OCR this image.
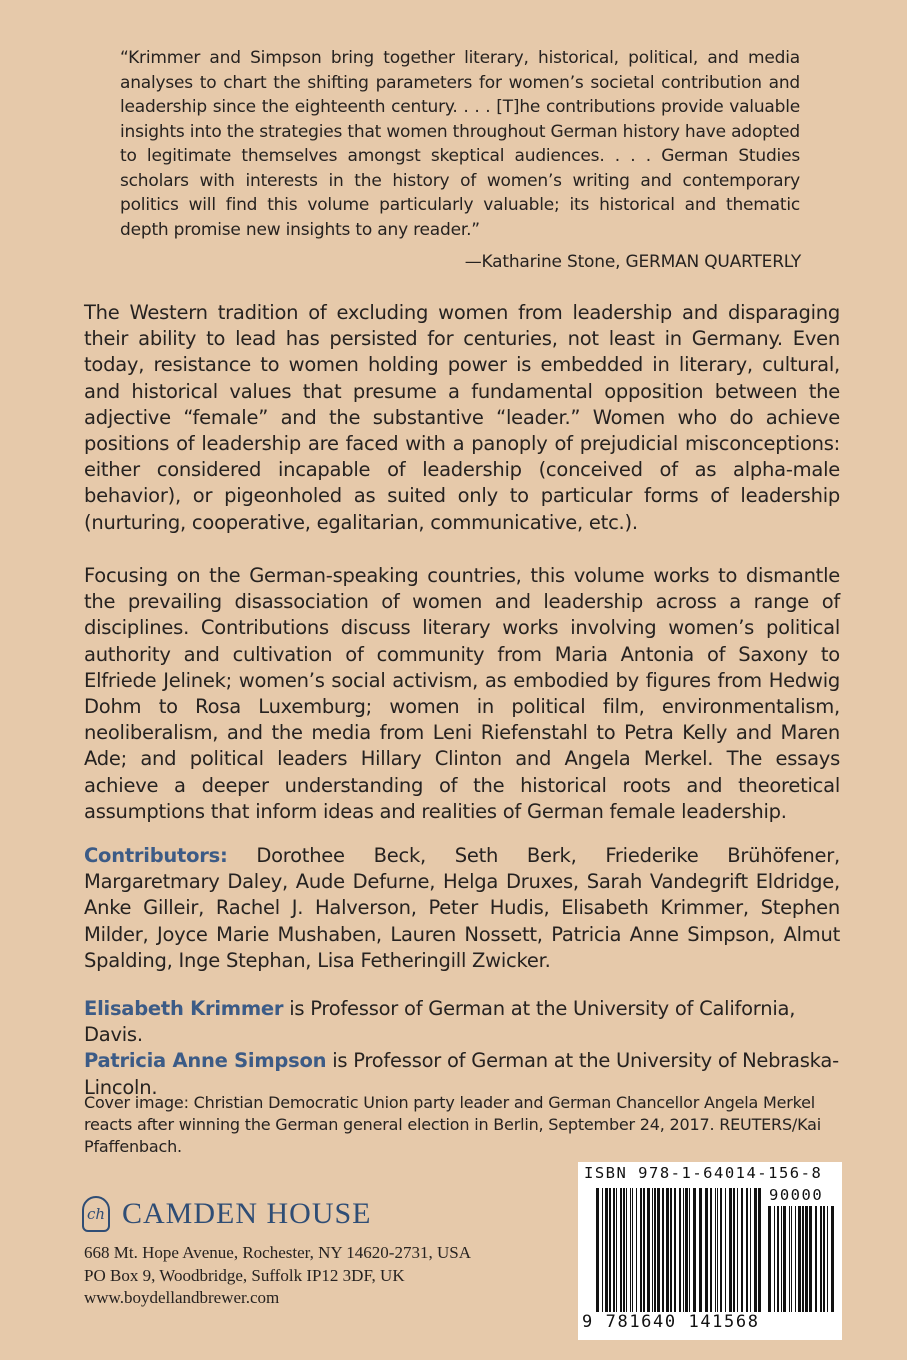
“Krimmer and Simpson bring together literary, historical, political, and media analyses to chart the shifting parameters for women’s societal contribution and leadership since the eighteenth century. . . . [T]he contributions provide valuable insights into the strategies that women throughout German history have adopted to legitimate themselves amongst skeptical audiences. . . . German Studies scholars with interests in the history of women’s writing and contemporary politics will find this volume particularly valuable; its historical and thematic depth promise new insights to any reader.”
—Katharine Stone, GERMAN QUARTERLY

The Western tradition of excluding women from leadership and disparaging their ability to lead has persisted for centuries, not least in Germany. Even today, resistance to women holding power is embedded in literary, cultural, and historical values that presume a fundamental opposition between the adjective “female” and the substantive “leader.” Women who do achieve positions of leadership are faced with a panoply of prejudicial misconceptions: either considered incapable of leadership (conceived of as alpha-male behavior), or pigeonholed as suited only to particular forms of leadership (nurturing, cooperative, egalitarian, communicative, etc.).

Focusing on the German-speaking countries, this volume works to dismantle the prevailing disassociation of women and leadership across a range of disciplines. Contributions discuss literary works involving women’s political authority and cultivation of community from Maria Antonia of Saxony to Elfriede Jelinek; women’s social activism, as embodied by figures from Hedwig Dohm to Rosa Luxemburg; women in political film, environmentalism, neoliberalism, and the media from Leni Riefenstahl to Petra Kelly and Maren Ade; and political leaders Hillary Clinton and Angela Merkel. The essays achieve a deeper understanding of the historical roots and theoretical assumptions that inform ideas and realities of German female leadership.

Contributors: Dorothee Beck, Seth Berk, Friederike Brühöfener, Margaretmary Daley, Aude Defurne, Helga Druxes, Sarah Vandegrift Eldridge, Anke Gilleir, Rachel J. Halverson, Peter Hudis, Elisabeth Krimmer, Stephen Milder, Joyce Marie Mushaben, Lauren Nossett, Patricia Anne Simpson, Almut Spalding, Inge Stephan, Lisa Fetheringill Zwicker.

Elisabeth Krimmer is Professor of German at the University of California, Davis.
Patricia Anne Simpson is Professor of German at the University of Nebraska-Lincoln.

Cover image: Christian Democratic Union party leader and German Chancellor Angela Merkel reacts after winning the German general election in Berlin, September 24, 2017. REUTERS/Kai Pfaffenbach.
ch CAMDEN HOUSE
668 Mt. Hope Avenue, Rochester, NY 14620-2731, USA
PO Box 9, Woodbridge, Suffolk IP12 3DF, UK
www.boydellandbrewer.com
ISBN 978-1-64014-156-8
90000
9 781640 141568
